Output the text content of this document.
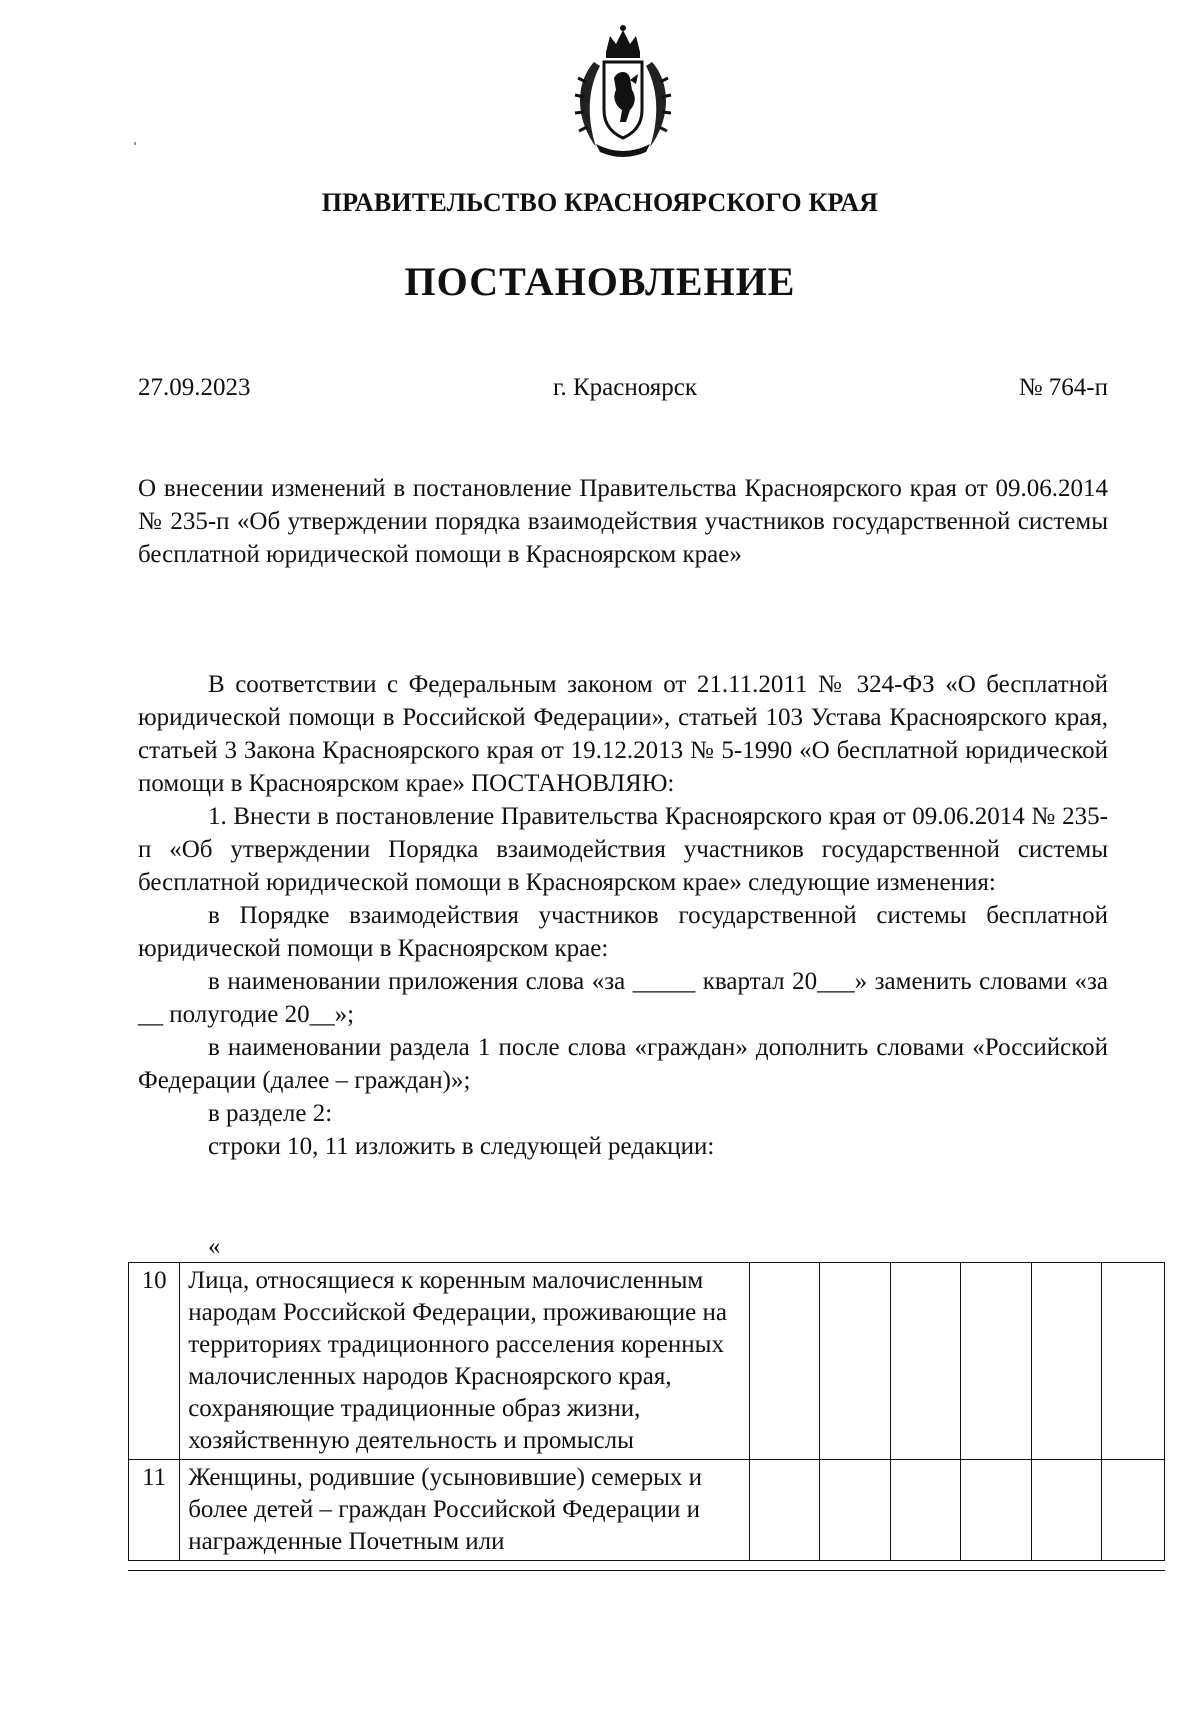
ПРАВИТЕЛЬСТВО КРАСНОЯРСКОГО КРАЯ
ПОСТАНОВЛЕНИЕ
27.09.2023	г. Красноярск	№ 764-п
О внесении изменений в постановление Правительства Красноярского края от 09.06.2014 № 235-п «Об утверждении порядка взаимодействия участников государственной системы бесплатной юридической помощи в Красноярском крае»

В соответствии с Федеральным законом от 21.11.2011 № 324-ФЗ «О бесплатной юридической помощи в Российской Федерации», статьей 103 Устава Красноярского края, статьей 3 Закона Красноярского края от 19.12.2013 № 5-1990 «О бесплатной юридической помощи в Красноярском крае» ПОСТАНОВЛЯЮ:

1. Внести в постановление Правительства Красноярского края от 09.06.2014 № 235-п «Об утверждении Порядка взаимодействия участников государственной системы бесплатной юридической помощи в Красноярском крае» следующие изменения:

в Порядке взаимодействия участников государственной системы бесплатной юридической помощи в Красноярском крае:

в наименовании приложения слова «за _____ квартал 20___» заменить словами «за __ полугодие 20__»;

в наименовании раздела 1 после слова «граждан» дополнить словами «Российской Федерации (далее – граждан)»;

в разделе 2:

строки 10, 11 изложить в следующей редакции:

«
10	Лица, относящиеся к коренным малочисленным народам Российской Федерации, проживающие на территориях традиционного расселения коренных малочисленных народов Красноярского края, сохраняющие традиционные образ жизни, хозяйственную деятельность и промыслы						
11	Женщины, родившие (усыновившие) семерых и более детей – граждан Российской Федерации и награжденные Почетным или						
